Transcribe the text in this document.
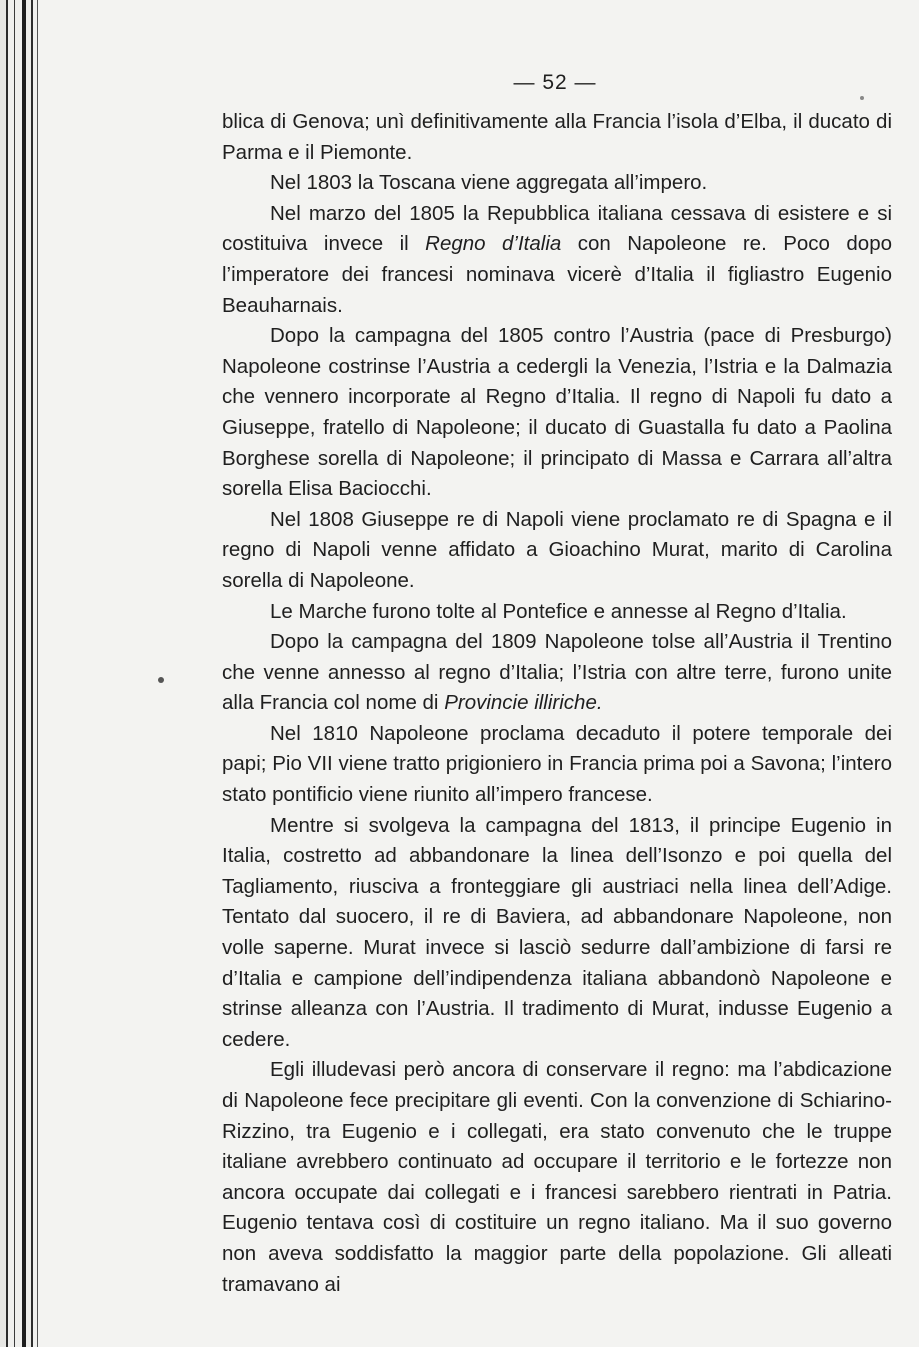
— 52 —

blica di Genova; unì definitivamente alla Francia l’isola d’Elba, il ducato di Parma e il Piemonte.

Nel 1803 la Toscana viene aggregata all’impero.

Nel marzo del 1805 la Repubblica italiana cessava di esistere e si costituiva invece il Regno d’Italia con Napoleone re. Poco dopo l’imperatore dei francesi nominava vicerè d’Italia il figliastro Eugenio Beauharnais.

Dopo la campagna del 1805 contro l’Austria (pace di Presburgo) Napoleone costrinse l’Austria a cedergli la Venezia, l’Istria e la Dalmazia che vennero incorporate al Regno d’Italia. Il regno di Napoli fu dato a Giuseppe, fratello di Napoleone; il ducato di Guastalla fu dato a Paolina Borghese sorella di Napoleone; il principato di Massa e Carrara all’altra sorella Elisa Baciocchi.

Nel 1808 Giuseppe re di Napoli viene proclamato re di Spagna e il regno di Napoli venne affidato a Gioachino Murat, marito di Carolina sorella di Napoleone.

Le Marche furono tolte al Pontefice e annesse al Regno d’Italia.

Dopo la campagna del 1809 Napoleone tolse all’Austria il Trentino che venne annesso al regno d’Italia; l’Istria con altre terre, furono unite alla Francia col nome di Provincie illiriche.

Nel 1810 Napoleone proclama decaduto il potere temporale dei papi; Pio VII viene tratto prigioniero in Francia prima poi a Savona; l’intero stato pontificio viene riunito all’impero francese.

Mentre si svolgeva la campagna del 1813, il principe Eugenio in Italia, costretto ad abbandonare la linea dell’Isonzo e poi quella del Tagliamento, riusciva a fronteggiare gli austriaci nella linea dell’Adige. Tentato dal suocero, il re di Baviera, ad abbandonare Napoleone, non volle saperne. Murat invece si lasciò sedurre dall’ambizione di farsi re d’Italia e campione dell’indipendenza italiana abbandonò Napoleone e strinse alleanza con l’Austria. Il tradimento di Murat, indusse Eugenio a cedere.

Egli illudevasi però ancora di conservare il regno: ma l’abdicazione di Napoleone fece precipitare gli eventi. Con la convenzione di Schiarino-Rizzino, tra Eugenio e i collegati, era stato convenuto che le truppe italiane avrebbero continuato ad occupare il territorio e le fortezze non ancora occupate dai collegati e i francesi sarebbero rientrati in Patria. Eugenio tentava così di costituire un regno italiano. Ma il suo governo non aveva soddisfatto la maggior parte della popolazione. Gli alleati tramavano ai
